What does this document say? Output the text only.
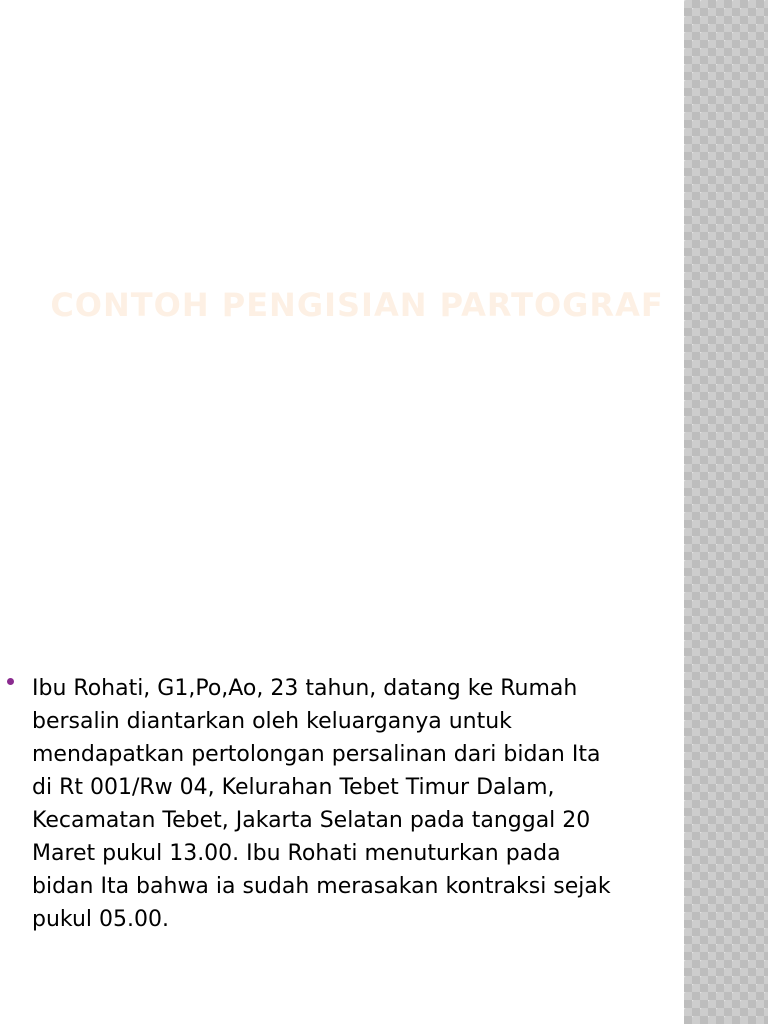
CONTOH PENGISIAN PARTOGRAF
Ibu Rohati, G1,Po,Ao, 23 tahun, datang ke Rumah
bersalin diantarkan oleh keluarganya untuk
mendapatkan pertolongan persalinan dari bidan Ita
di Rt 001/Rw 04, Kelurahan Tebet Timur Dalam,
Kecamatan Tebet, Jakarta Selatan pada tanggal 20
Maret pukul 13.00. Ibu Rohati menuturkan pada
bidan Ita bahwa ia sudah merasakan kontraksi sejak
pukul 05.00.
